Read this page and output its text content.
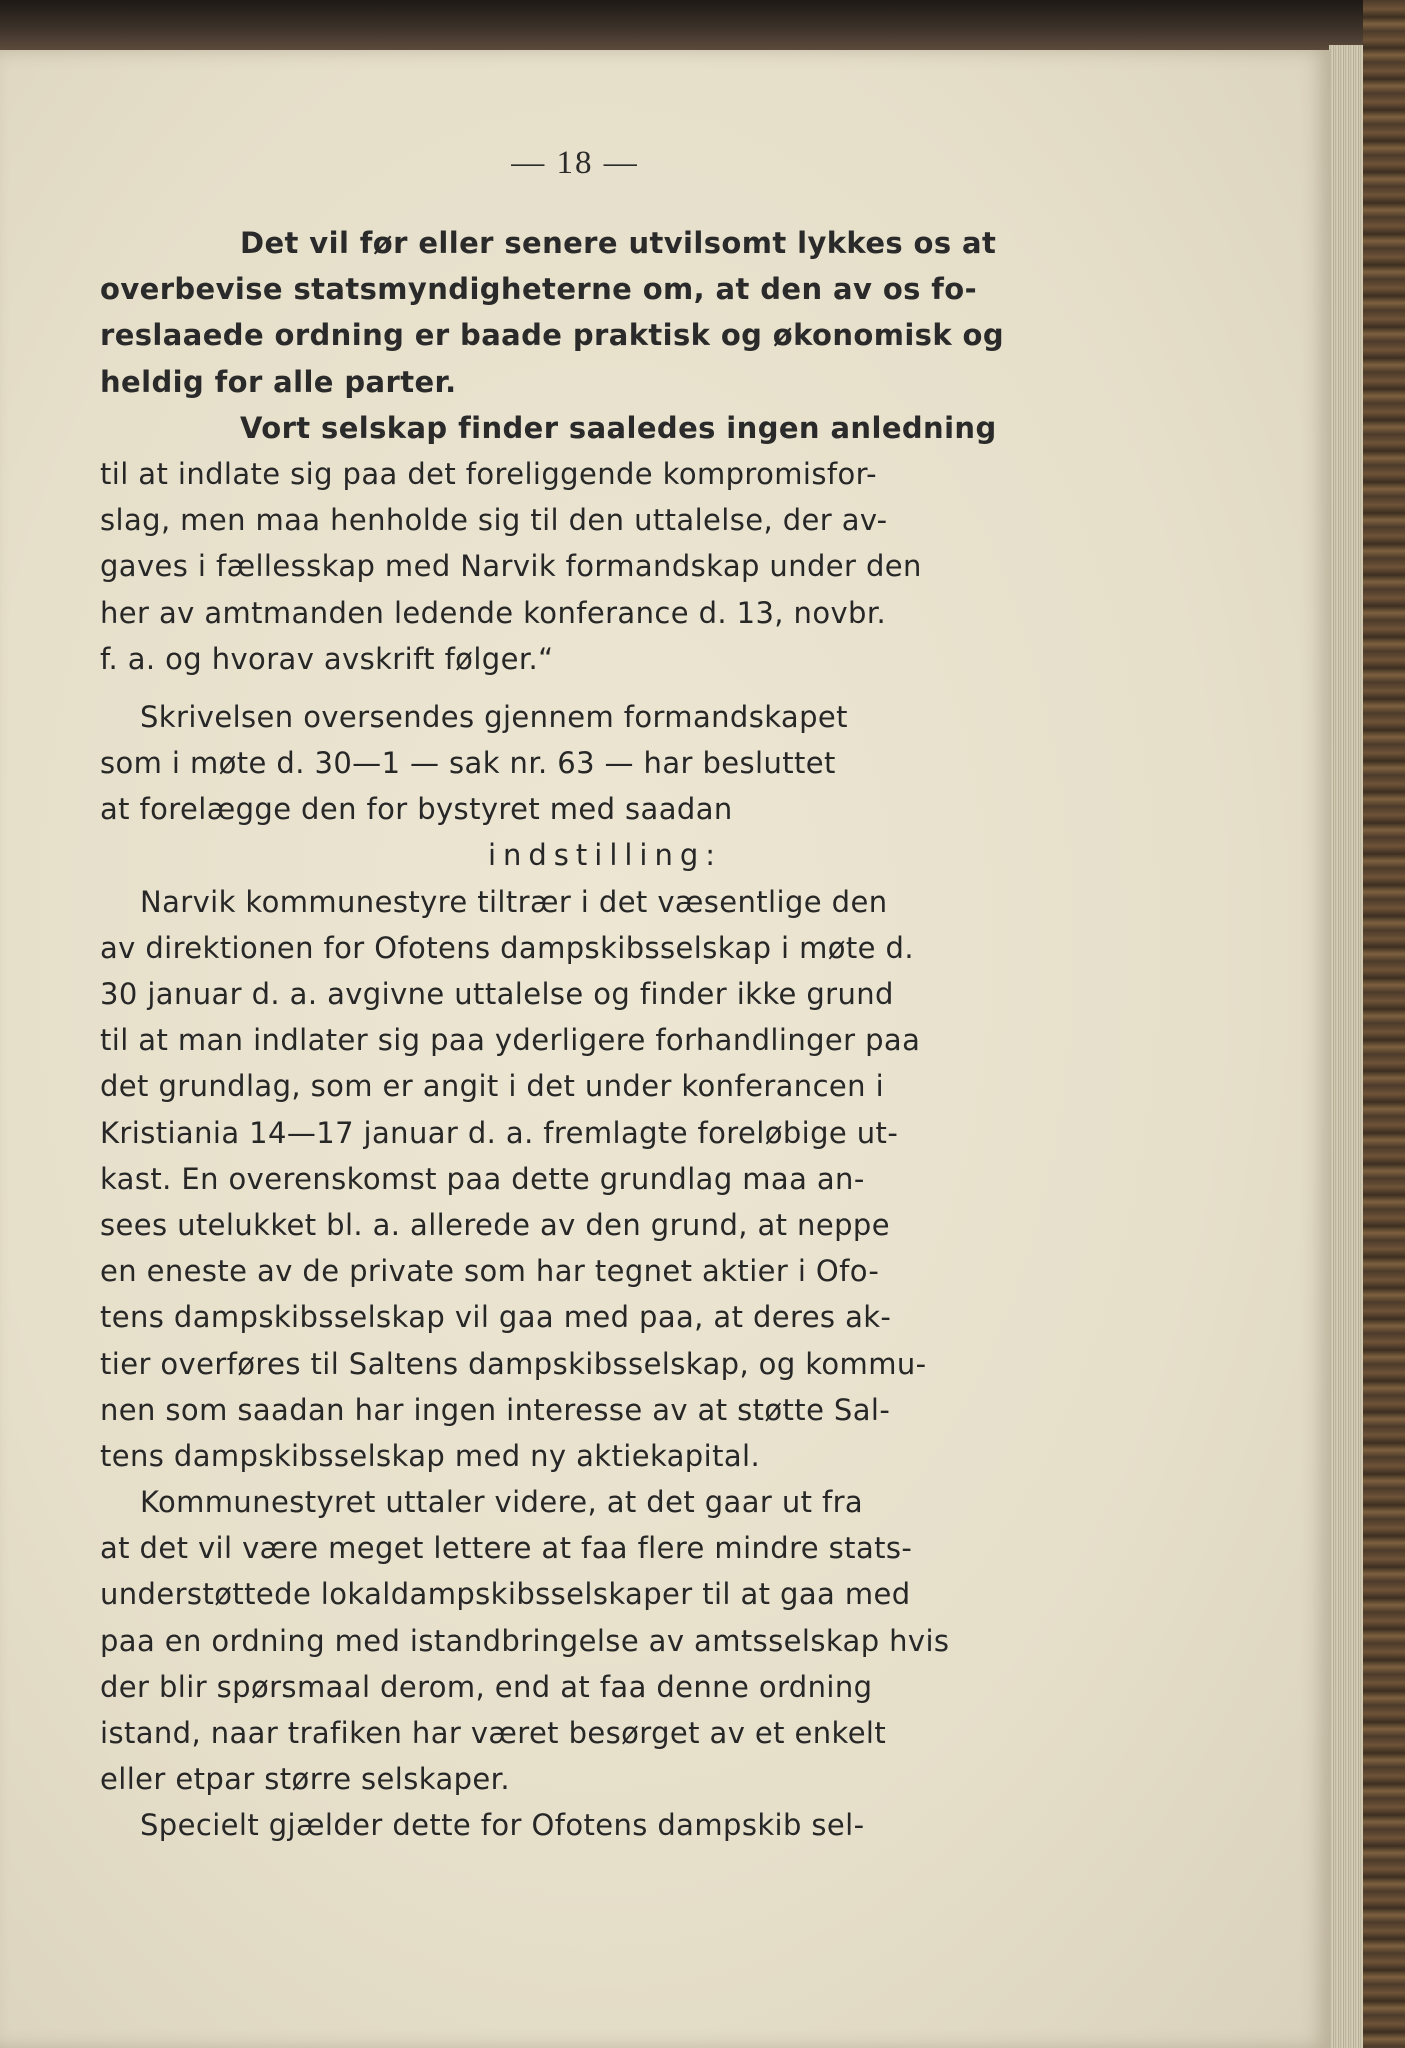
— 18 —
Det vil før eller senere utvilsomt lykkes os at
overbevise statsmyndigheterne om, at den av os fo-
reslaaede ordning er baade praktisk og økonomisk og
heldig for alle parter.
Vort selskap finder saaledes ingen anledning
til at indlate sig paa det foreliggende kompromisfor-
slag, men maa henholde sig til den uttalelse, der av-
gaves i fællesskap med Narvik formandskap under den
her av amtmanden ledende konferance d. 13, novbr.
f. a. og hvorav avskrift følger.“
Skrivelsen oversendes gjennem formandskapet
som i møte d. 30—1 — sak nr. 63 — har besluttet
at forelægge den for bystyret med saadan
indstilling:
Narvik kommunestyre tiltrær i det væsentlige den
av direktionen for Ofotens dampskibsselskap i møte d.
30 januar d. a. avgivne uttalelse og finder ikke grund
til at man indlater sig paa yderligere forhandlinger paa
det grundlag, som er angit i det under konferancen i
Kristiania 14—17 januar d. a. fremlagte foreløbige ut-
kast. En overenskomst paa dette grundlag maa an-
sees utelukket bl. a. allerede av den grund, at neppe
en eneste av de private som har tegnet aktier i Ofo-
tens dampskibsselskap vil gaa med paa, at deres ak-
tier overføres til Saltens dampskibsselskap, og kommu-
nen som saadan har ingen interesse av at støtte Sal-
tens dampskibsselskap med ny aktiekapital.
Kommunestyret uttaler videre, at det gaar ut fra
at det vil være meget lettere at faa flere mindre stats-
understøttede lokaldampskibsselskaper til at gaa med
paa en ordning med istandbringelse av amtsselskap hvis
der blir spørsmaal derom, end at faa denne ordning
istand, naar trafiken har været besørget av et enkelt
eller etpar større selskaper.
Specielt gjælder dette for Ofotens dampskib sel-
